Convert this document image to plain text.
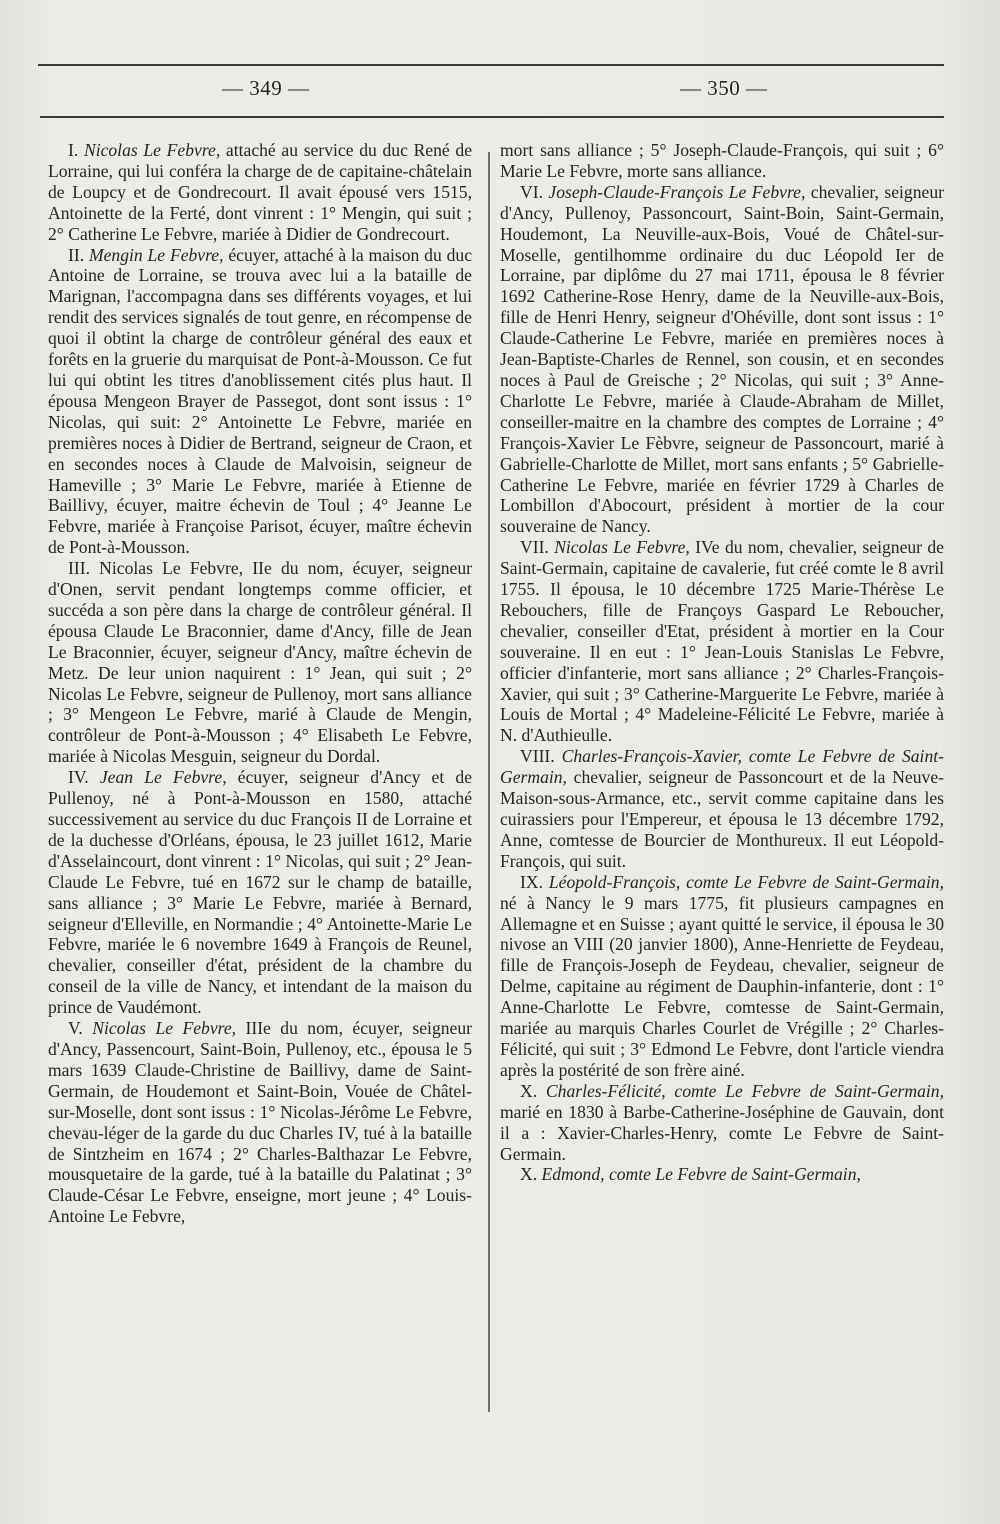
— 349 —	— 350 —

I. Nicolas Le Febvre, attaché au service du duc René de Lorraine, qui lui conféra la charge de de capitaine-châtelain de Loupcy et de Gondrecourt. Il avait épousé vers 1515, Antoinette de la Ferté, dont vinrent : 1° Mengin, qui suit ; 2° Catherine Le Febvre, mariée à Didier de Gondrecourt.

II. Mengin Le Febvre, écuyer, attaché à la maison du duc Antoine de Lorraine, se trouva avec lui a la bataille de Marignan, l'accompagna dans ses différents voyages, et lui rendit des services signalés de tout genre, en récompense de quoi il obtint la charge de contrôleur général des eaux et forêts en la gruerie du marquisat de Pont-à-Mousson. Ce fut lui qui obtint les titres d'anoblissement cités plus haut. Il épousa Mengeon Brayer de Passegot, dont sont issus : 1° Nicolas, qui suit: 2° Antoinette Le Febvre, mariée en premières noces à Didier de Bertrand, seigneur de Craon, et en secondes noces à Claude de Malvoisin, seigneur de Hameville ; 3° Marie Le Febvre, mariée à Etienne de Baillivy, écuyer, maitre échevin de Toul ; 4° Jeanne Le Febvre, mariée à Françoise Parisot, écuyer, maître échevin de Pont-à-Mousson.

III. Nicolas Le Febvre, IIe du nom, écuyer, seigneur d'Onen, servit pendant longtemps comme officier, et succéda a son père dans la charge de contrôleur général. Il épousa Claude Le Braconnier, dame d'Ancy, fille de Jean Le Braconnier, écuyer, seigneur d'Ancy, maître échevin de Metz. De leur union naquirent : 1° Jean, qui suit ; 2° Nicolas Le Febvre, seigneur de Pullenoy, mort sans alliance ; 3° Mengeon Le Febvre, marié à Claude de Mengin, contrôleur de Pont-à-Mousson ; 4° Elisabeth Le Febvre, mariée à Nicolas Mesguin, seigneur du Dordal.

IV. Jean Le Febvre, écuyer, seigneur d'Ancy et de Pullenoy, né à Pont-à-Mousson en 1580, attaché successivement au service du duc François II de Lorraine et de la duchesse d'Orléans, épousa, le 23 juillet 1612, Marie d'Asselaincourt, dont vinrent : 1° Nicolas, qui suit ; 2° Jean-Claude Le Febvre, tué en 1672 sur le champ de bataille, sans alliance ; 3° Marie Le Febvre, mariée à Bernard, seigneur d'Elleville, en Normandie ; 4° Antoinette-Marie Le Febvre, mariée le 6 novembre 1649 à François de Reunel, chevalier, conseiller d'état, président de la chambre du conseil de la ville de Nancy, et intendant de la maison du prince de Vaudémont.

V. Nicolas Le Febvre, IIIe du nom, écuyer, seigneur d'Ancy, Passencourt, Saint-Boin, Pullenoy, etc., épousa le 5 mars 1639 Claude-Christine de Baillivy, dame de Saint-Germain, de Houdemont et Saint-Boin, Vouée de Châtel-sur-Moselle, dont sont issus : 1° Nicolas-Jérôme Le Febvre, chevau-léger de la garde du duc Charles IV, tué à la bataille de Sintzheim en 1674 ; 2° Charles-Balthazar Le Febvre, mousquetaire de la garde, tué à la bataille du Palatinat ; 3° Claude-César Le Febvre, enseigne, mort jeune ; 4° Louis-Antoine Le Febvre,

mort sans alliance ; 5° Joseph-Claude-François, qui suit ; 6° Marie Le Febvre, morte sans alliance.

VI. Joseph-Claude-François Le Febvre, chevalier, seigneur d'Ancy, Pullenoy, Passoncourt, Saint-Boin, Saint-Germain, Houdemont, La Neuville-aux-Bois, Voué de Châtel-sur-Moselle, gentilhomme ordinaire du duc Léopold Ier de Lorraine, par diplôme du 27 mai 1711, épousa le 8 février 1692 Catherine-Rose Henry, dame de la Neuville-aux-Bois, fille de Henri Henry, seigneur d'Ohéville, dont sont issus : 1° Claude-Catherine Le Febvre, mariée en premières noces à Jean-Baptiste-Charles de Rennel, son cousin, et en secondes noces à Paul de Greische ; 2° Nicolas, qui suit ; 3° Anne-Charlotte Le Febvre, mariée à Claude-Abraham de Millet, conseiller-maitre en la chambre des comptes de Lorraine ; 4° François-Xavier Le Fèbvre, seigneur de Passoncourt, marié à Gabrielle-Charlotte de Millet, mort sans enfants ; 5° Gabrielle-Catherine Le Febvre, mariée en février 1729 à Charles de Lombillon d'Abocourt, président à mortier de la cour souveraine de Nancy.

VII. Nicolas Le Febvre, IVe du nom, chevalier, seigneur de Saint-Germain, capitaine de cavalerie, fut créé comte le 8 avril 1755. Il épousa, le 10 décembre 1725 Marie-Thérèse Le Rebouchers, fille de Françoys Gaspard Le Reboucher, chevalier, conseiller d'Etat, président à mortier en la Cour souveraine. Il en eut : 1° Jean-Louis Stanislas Le Febvre, officier d'infanterie, mort sans alliance ; 2° Charles-François-Xavier, qui suit ; 3° Catherine-Marguerite Le Febvre, mariée à Louis de Mortal ; 4° Madeleine-Félicité Le Febvre, mariée à N. d'Authieulle.

VIII. Charles-François-Xavier, comte Le Febvre de Saint-Germain, chevalier, seigneur de Passoncourt et de la Neuve-Maison-sous-Armance, etc., servit comme capitaine dans les cuirassiers pour l'Empereur, et épousa le 13 décembre 1792, Anne, comtesse de Bourcier de Monthureux. Il eut Léopold-François, qui suit.

IX. Léopold-François, comte Le Febvre de Saint-Germain, né à Nancy le 9 mars 1775, fit plusieurs campagnes en Allemagne et en Suisse ; ayant quitté le service, il épousa le 30 nivose an VIII (20 janvier 1800), Anne-Henriette de Feydeau, fille de François-Joseph de Feydeau, chevalier, seigneur de Delme, capitaine au régiment de Dauphin-infanterie, dont : 1° Anne-Charlotte Le Febvre, comtesse de Saint-Germain, mariée au marquis Charles Courlet de Vrégille ; 2° Charles-Félicité, qui suit ; 3° Edmond Le Febvre, dont l'article viendra après la postérité de son frère ainé.

X. Charles-Félicité, comte Le Febvre de Saint-Germain, marié en 1830 à Barbe-Catherine-Joséphine de Gauvain, dont il a : Xavier-Charles-Henry, comte Le Febvre de Saint-Germain.

X. Edmond, comte Le Febvre de Saint-Germain,
